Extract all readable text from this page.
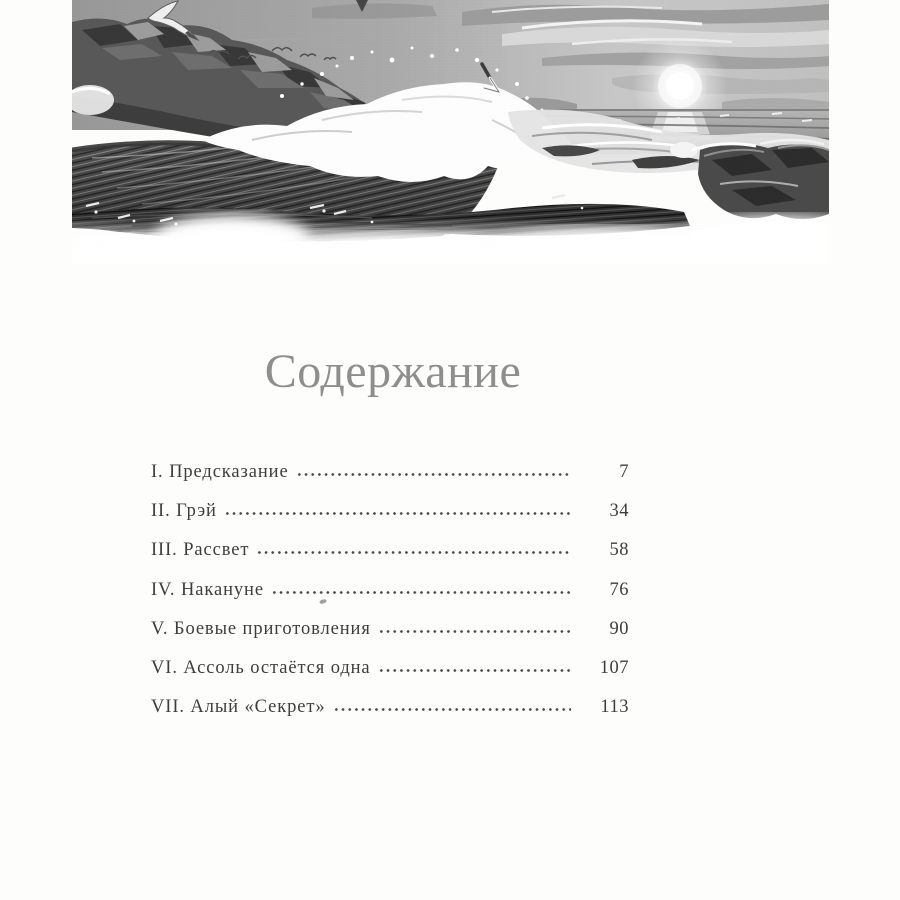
Содержание
I. Предсказание	7
II. Грэй	34
III. Рассвет	58
IV. Накануне	76
V. Боевые приготовления	90
VI. Ассоль остаётся одна	107
VII. Алый «Секрет»	113
